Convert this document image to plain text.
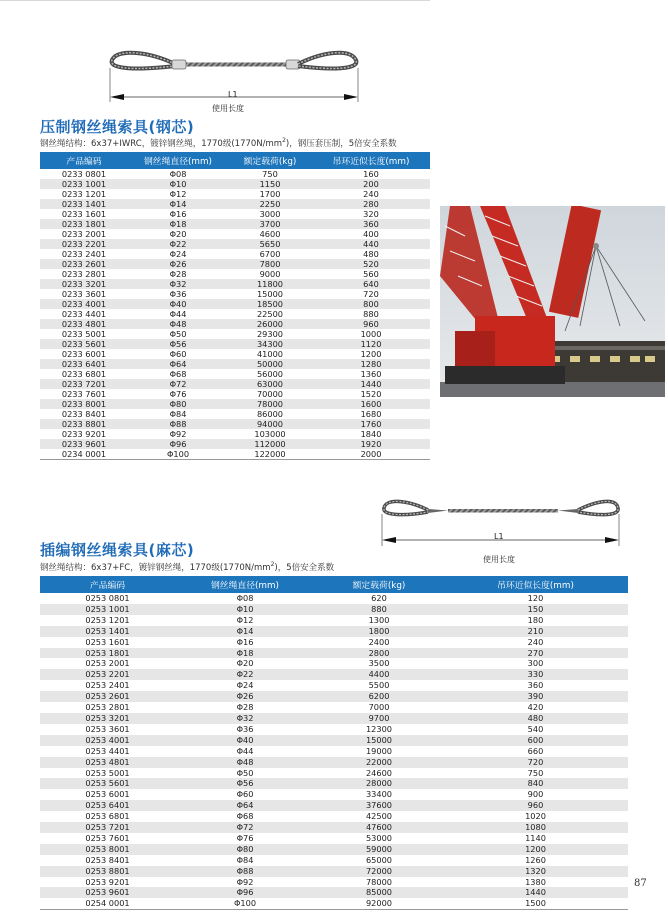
L1
使用长度
压制钢丝绳索具(钢芯)
钢丝绳结构：6x37+IWRC，镀锌钢丝绳，1770级$(1770N/mm^2)$，钢压套压制，5倍安全系数
产品编码	钢丝绳直径(mm)	额定载荷(kg)	吊环近似长度(mm)
0233 0801	Φ08	750	160
0233 1001	Φ10	1150	200
0233 1201	Φ12	1700	240
0233 1401	Φ14	2250	280
0233 1601	Φ16	3000	320
0233 1801	Φ18	3700	360
0233 2001	Φ20	4600	400
0233 2201	Φ22	5650	440
0233 2401	Φ24	6700	480
0233 2601	Φ26	7800	520
0233 2801	Φ28	9000	560
0233 3201	Φ32	11800	640
0233 3601	Φ36	15000	720
0233 4001	Φ40	18500	800
0233 4401	Φ44	22500	880
0233 4801	Φ48	26000	960
0233 5001	Φ50	29300	1000
0233 5601	Φ56	34300	1120
0233 6001	Φ60	41000	1200
0233 6401	Φ64	50000	1280
0233 6801	Φ68	56000	1360
0233 7201	Φ72	63000	1440
0233 7601	Φ76	70000	1520
0233 8001	Φ80	78000	1600
0233 8401	Φ84	86000	1680
0233 8801	Φ88	94000	1760
0233 9201	Φ92	103000	1840
0233 9601	Φ96	112000	1920
0234 0001	Φ100	122000	2000
L1
使用长度
插编钢丝绳索具(麻芯)
钢丝绳结构：6x37+FC，镀锌钢丝绳，1770级$(1770N/mm^2)$，5倍安全系数
产品编码	钢丝绳直径(mm)	额定载荷(kg)	吊环近似长度(mm)
0253 0801	Φ08	620	120
0253 1001	Φ10	880	150
0253 1201	Φ12	1300	180
0253 1401	Φ14	1800	210
0253 1601	Φ16	2400	240
0253 1801	Φ18	2800	270
0253 2001	Φ20	3500	300
0253 2201	Φ22	4400	330
0253 2401	Φ24	5500	360
0253 2601	Φ26	6200	390
0253 2801	Φ28	7000	420
0253 3201	Φ32	9700	480
0253 3601	Φ36	12300	540
0253 4001	Φ40	15000	600
0253 4401	Φ44	19000	660
0253 4801	Φ48	22000	720
0253 5001	Φ50	24600	750
0253 5601	Φ56	28000	840
0253 6001	Φ60	33400	900
0253 6401	Φ64	37600	960
0253 6801	Φ68	42500	1020
0253 7201	Φ72	47600	1080
0253 7601	Φ76	53000	1140
0253 8001	Φ80	59000	1200
0253 8401	Φ84	65000	1260
0253 8801	Φ88	72000	1320
0253 9201	Φ92	78000	1380
0253 9601	Φ96	85000	1440
0254 0001	Φ100	92000	1500
87
